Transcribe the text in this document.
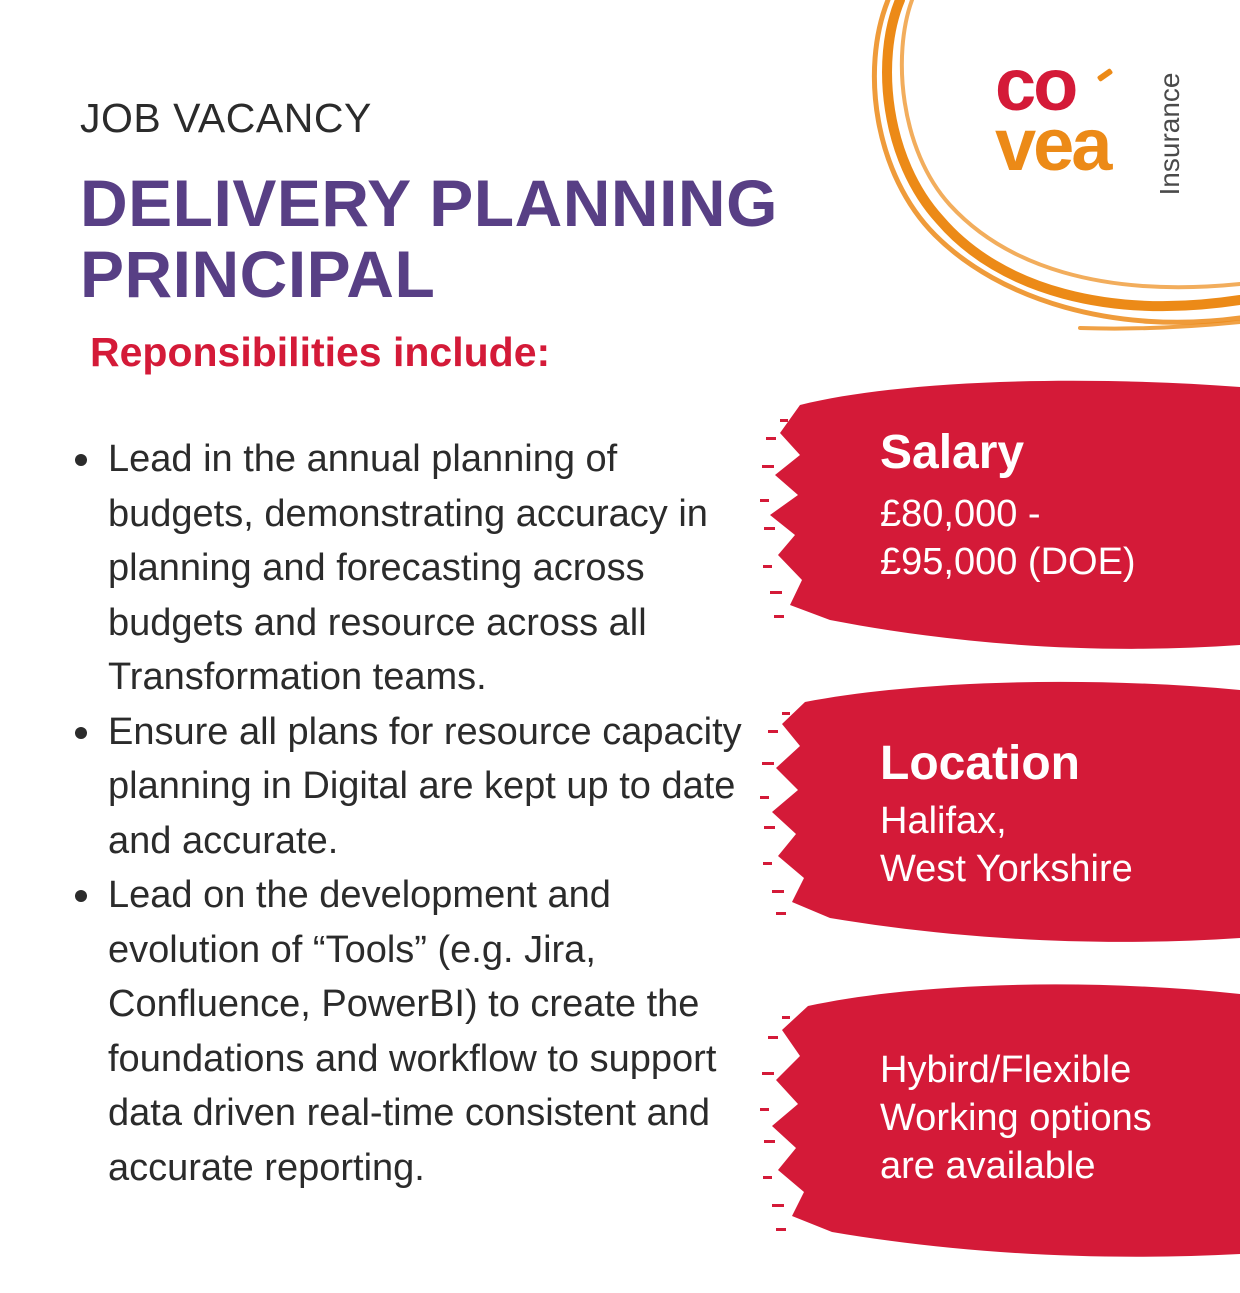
co
vea Insurance
JOB VACANCY
DELIVERY PLANNING
PRINCIPAL
Reponsibilities include:
Lead in the annual planning of budgets, demonstrating accuracy in planning and forecasting across budgets and resource across all Transformation teams.
Ensure all plans for resource capacity planning in Digital are kept up to date and accurate.
Lead on the development and evolution of “Tools” (e.g. Jira, Confluence, PowerBI) to create the foundations and workflow to support data driven real-time consistent and accurate reporting.
Salary
£80,000 -
£95,000 (DOE)
Location
Halifax,
West Yorkshire
Hybird/Flexible
Working options
are available
